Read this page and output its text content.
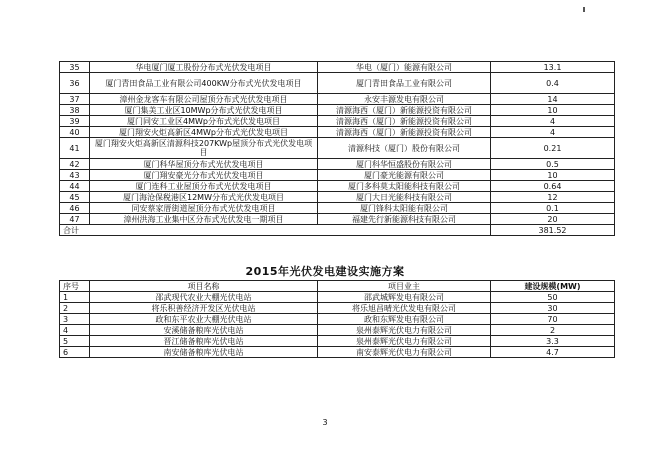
35	华电厦门厦工股份分布式光伏发电项目	华电（厦门）能源有限公司	13.1
36	厦门青田食品工业有限公司400KW分布式光伏发电项目	厦门青田食品工业有限公司	0.4
37	漳州金龙客车有限公司屋顶分布式光伏发电项目	永安丰源发电有限公司	14
38	厦门集美工业区10MWp分布式光伏发电项目	清源海西（厦门）新能源投资有限公司	10
39	厦门同安工业区4MWp分布式光伏发电项目	清源海西（厦门）新能源投资有限公司	4
40	厦门翔安火炬高新区4MWp分布式光伏发电项目	清源海西（厦门）新能源投资有限公司	4
41	厦门翔安火炬高新区清源科技207KWp屋顶分布式光伏发电项目	清源科技（厦门）股份有限公司	0.21
42	厦门科华屋顶分布式光伏发电项目	厦门科华恒盛股份有限公司	0.5
43	厦门翔安豪光分布式光伏发电项目	厦门豪光能源有限公司	10
44	厦门连科工业屋顶分布式光伏发电项目	厦门多科莫太阳能科技有限公司	0.64
45	厦门海沧保税港区12MW分布式光伏发电项目	厦门大日光能科技有限公司	12
46	同安蔡家厝街道屋顶分布式光伏发电项目	厦门锋科太阳能有限公司	0.1
47	漳州洪海工业集中区分布式光伏发电一期项目	福建先行新能源科技有限公司	20
合计			381.52
2015年光伏发电建设实施方案
序号	项目名称	项目业主	建设规模(MW)
1	邵武现代农业大棚光伏电站	邵武城辉发电有限公司	50
2	将乐积善经济开发区光伏电站	将乐旭昌晴光伏发电有限公司	30
3	政和东平农业大棚光伏电站	政和东辉发电有限公司	70
4	安溪储备粮库光伏电站	泉州泰辉光伏电力有限公司	2
5	晋江储备粮库光伏电站	泉州泰辉光伏电力有限公司	3.3
6	南安储备粮库光伏电站	南安泰辉光伏电力有限公司	4.7
3
